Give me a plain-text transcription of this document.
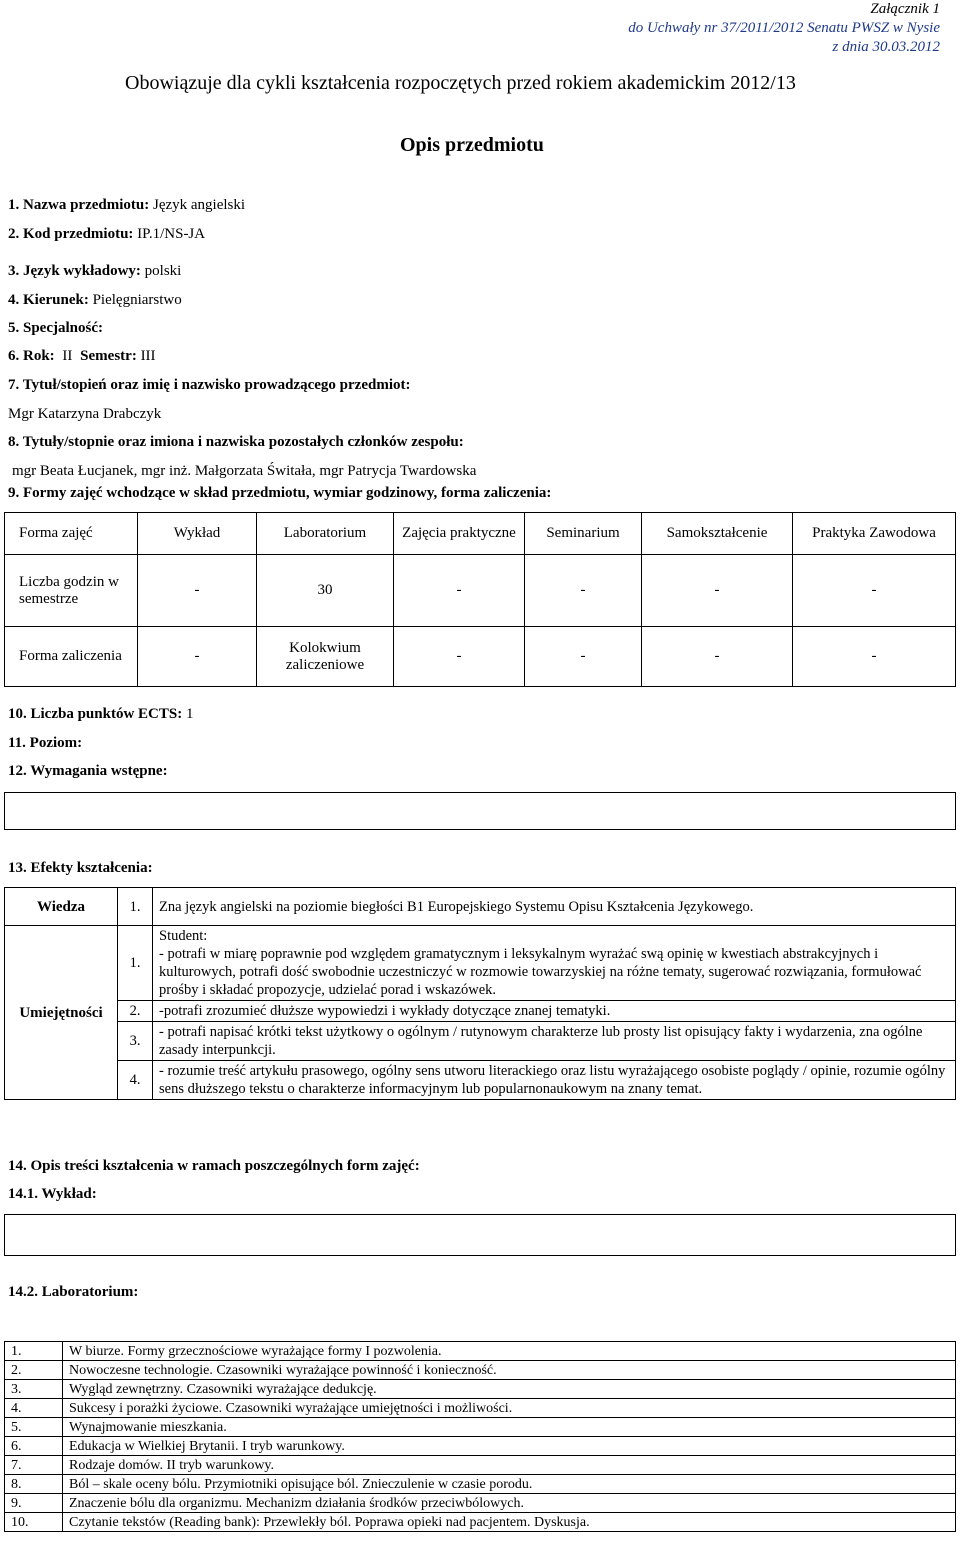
Załącznik 1
do Uchwały nr 37/2011/2012 Senatu PWSZ w Nysie
z dnia 30.03.2012
Obowiązuje dla cykli kształcenia rozpoczętych przed rokiem akademickim 2012/13
Opis przedmiotu
1. Nazwa przedmiotu: Język angielski
2. Kod przedmiotu: IP.1/NS-JA
3. Język wykładowy: polski
4. Kierunek: Pielęgniarstwo
5. Specjalność:
6. Rok: II Semestr: III
7. Tytuł/stopień oraz imię i nazwisko prowadzącego przedmiot:
Mgr Katarzyna Drabczyk
8. Tytuły/stopnie oraz imiona i nazwiska pozostałych członków zespołu:
mgr Beata Łucjanek, mgr inż. Małgorzata Świtała, mgr Patrycja Twardowska
9. Formy zajęć wchodzące w skład przedmiotu, wymiar godzinowy, forma zaliczenia:
Forma zajęć	Wykład	Laboratorium	Zajęcia praktyczne	Seminarium	Samokształcenie	Praktyka Zawodowa
Liczba godzin w semestrze	-	30	-	-	-	-
Forma zaliczenia	-	Kolokwium zaliczeniowe	-	-	-	-
10. Liczba punktów ECTS: 1
11. Poziom:
12. Wymagania wstępne:
13. Efekty kształcenia:
Wiedza	1.	Zna język angielski na poziomie biegłości B1 Europejskiego Systemu Opisu Kształcenia Językowego.
Umiejętności	1.	Student:
- potrafi w miarę poprawnie pod względem gramatycznym i leksykalnym wyrażać swą opinię w kwestiach abstrakcyjnych i kulturowych, potrafi dość swobodnie uczestniczyć w rozmowie towarzyskiej na różne tematy, sugerować rozwiązania, formułować prośby i składać propozycje, udzielać porad i wskazówek.

	2.	-potrafi zrozumieć dłuższe wypowiedzi i wykłady dotyczące znanej tematyki.
	3.	- potrafi napisać krótki tekst użytkowy o ogólnym / rutynowym charakterze lub prosty list opisujący fakty i wydarzenia, zna ogólne zasady interpunkcji.
	4.	- rozumie treść artykułu prasowego, ogólny sens utworu literackiego oraz listu wyrażającego osobiste poglądy / opinie, rozumie ogólny sens dłuższego tekstu o charakterze informacyjnym lub popularnonaukowym na znany temat.
14. Opis treści kształcenia w ramach poszczególnych form zajęć:
14.1. Wykład:
14.2. Laboratorium:
1.	W biurze. Formy grzecznościowe wyrażające formy I pozwolenia.
2.	Nowoczesne technologie. Czasowniki wyrażające powinność i konieczność.
3.	Wygląd zewnętrzny. Czasowniki wyrażające dedukcję.
4.	Sukcesy i porażki życiowe. Czasowniki wyrażające umiejętności i możliwości.
5.	Wynajmowanie mieszkania.
6.	Edukacja w Wielkiej Brytanii. I tryb warunkowy.
7.	Rodzaje domów. II tryb warunkowy.
8.	Ból – skale oceny bólu. Przymiotniki opisujące ból. Znieczulenie w czasie porodu.
9.	Znaczenie bólu dla organizmu. Mechanizm działania środków przeciwbólowych.
10.	Czytanie tekstów (Reading bank): Przewlekły ból. Poprawa opieki nad pacjentem. Dyskusja.
